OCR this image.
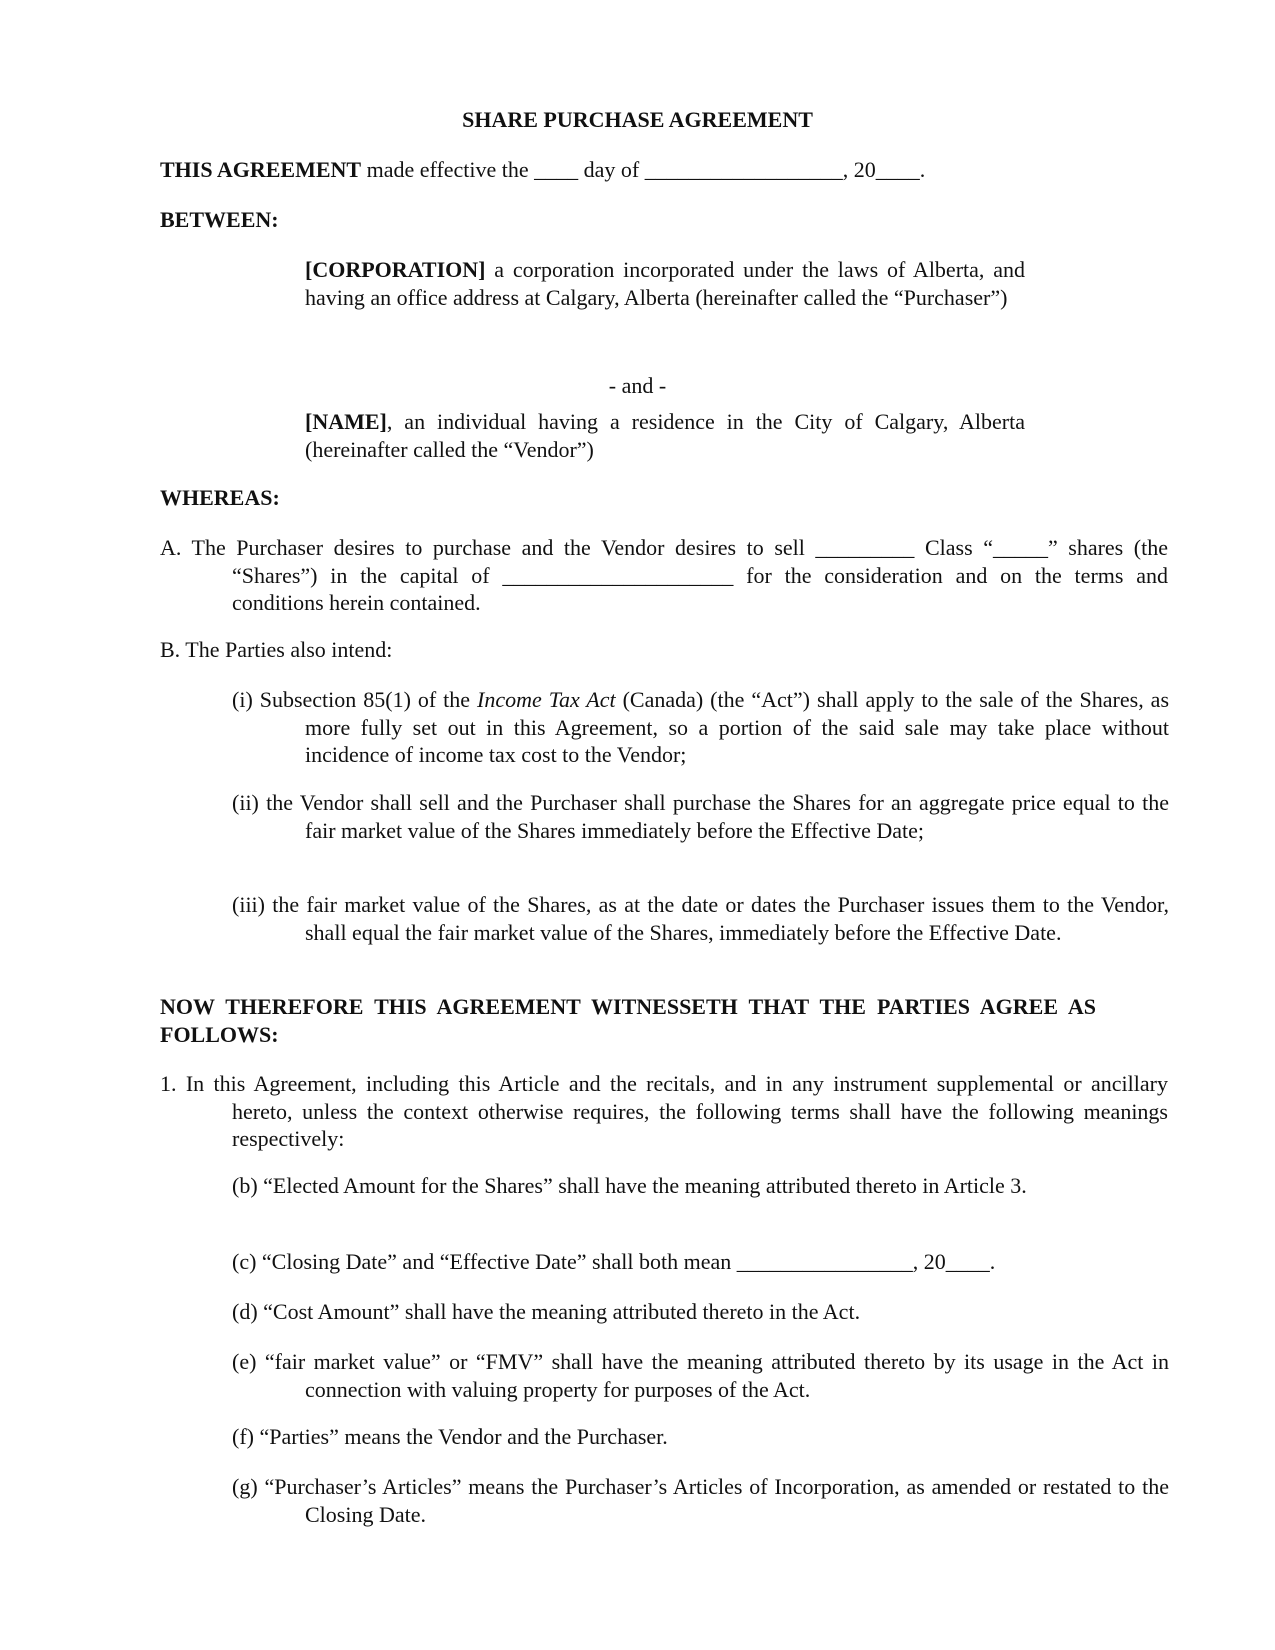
SHARE PURCHASE AGREEMENT
THIS AGREEMENT made effective the ____ day of __________________, 20____.
BETWEEN:
[CORPORATION] a corporation incorporated under the laws of Alberta, and having an office address at Calgary, Alberta (hereinafter called the “Purchaser”)
- and -
[NAME], an individual having a residence in the City of Calgary, Alberta (hereinafter called the “Vendor”)
WHEREAS:
A. The Purchaser desires to purchase and the Vendor desires to sell _________ Class “_____” shares (the “Shares”) in the capital of _____________________ for the consideration and on the terms and conditions herein contained.
B. The Parties also intend:
(i) Subsection 85(1) of the Income Tax Act (Canada) (the “Act”) shall apply to the sale of the Shares, as more fully set out in this Agreement, so a portion of the said sale may take place without incidence of income tax cost to the Vendor;
(ii) the Vendor shall sell and the Purchaser shall purchase the Shares for an aggregate price equal to the fair market value of the Shares immediately before the Effective Date;
(iii) the fair market value of the Shares, as at the date or dates the Purchaser issues them to the Vendor, shall equal the fair market value of the Shares, immediately before the Effective Date.
NOW THEREFORE THIS AGREEMENT WITNESSETH THAT THE PARTIES AGREE AS FOLLOWS:
1. In this Agreement, including this Article and the recitals, and in any instrument supplemental or ancillary hereto, unless the context otherwise requires, the following terms shall have the following meanings respectively:
(b) “Elected Amount for the Shares” shall have the meaning attributed thereto in Article 3.
(c) “Closing Date” and “Effective Date” shall both mean ________________, 20____.
(d) “Cost Amount” shall have the meaning attributed thereto in the Act.
(e) “fair market value” or “FMV” shall have the meaning attributed thereto by its usage in the Act in connection with valuing property for purposes of the Act.
(f) “Parties” means the Vendor and the Purchaser.
(g) “Purchaser’s Articles” means the Purchaser’s Articles of Incorporation, as amended or restated to the Closing Date.
